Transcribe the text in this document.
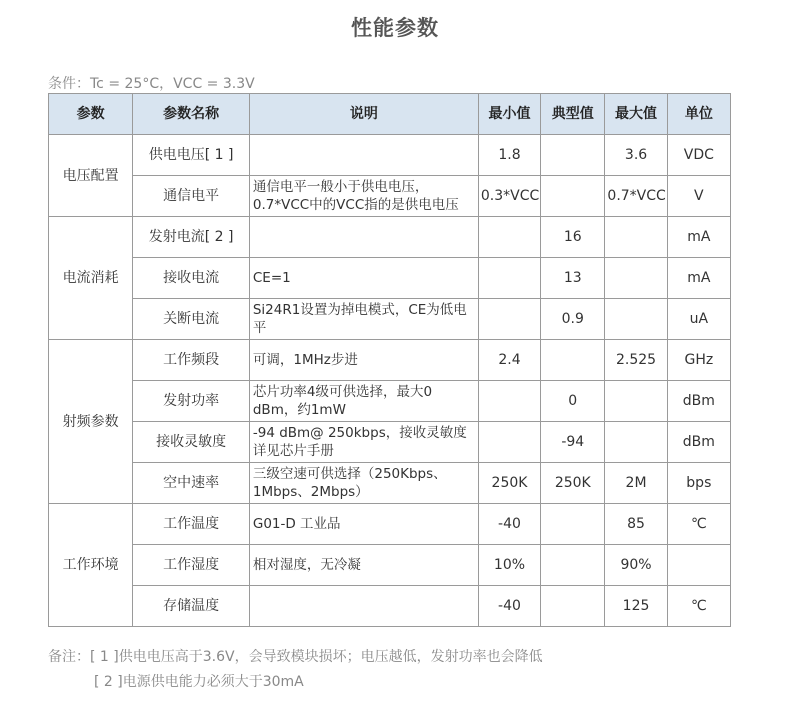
性能参数
条件：Tc = 25°C，VCC = 3.3V
参数	参数名称	说明	最小值	典型值	最大值	单位
电压配置	供电电压[ 1 ]		1.8		3.6	VDC
	通信电平	通信电平一般小于供电电压，0.7*VCC中的VCC指的是供电电压	0.3*VCC		0.7*VCC	V
电流消耗	发射电流[ 2 ]			16		mA
	接收电流	CE=1		13		mA
	关断电流	Si24R1设置为掉电模式，CE为低电平		0.9		uA
射频参数	工作频段	可调，1MHz步进	2.4		2.525	GHz
	发射功率	芯片功率4级可供选择，最大0 dBm，约1mW		0		dBm
	接收灵敏度	-94 dBm@ 250kbps，接收灵敏度详见芯片手册		-94		dBm
	空中速率	三级空速可供选择（250Kbps、1Mbps、2Mbps）	250K	250K	2M	bps
工作环境	工作温度	G01-D 工业品	-40		85	℃
	工作湿度	相对湿度，无冷凝	10%		90%	
	存储温度		-40		125	℃
备注：[ 1 ]供电电压高于3.6V，会导致模块损坏；电压越低，发射功率也会降低
[ 2 ]电源供电能力必须大于30mA
